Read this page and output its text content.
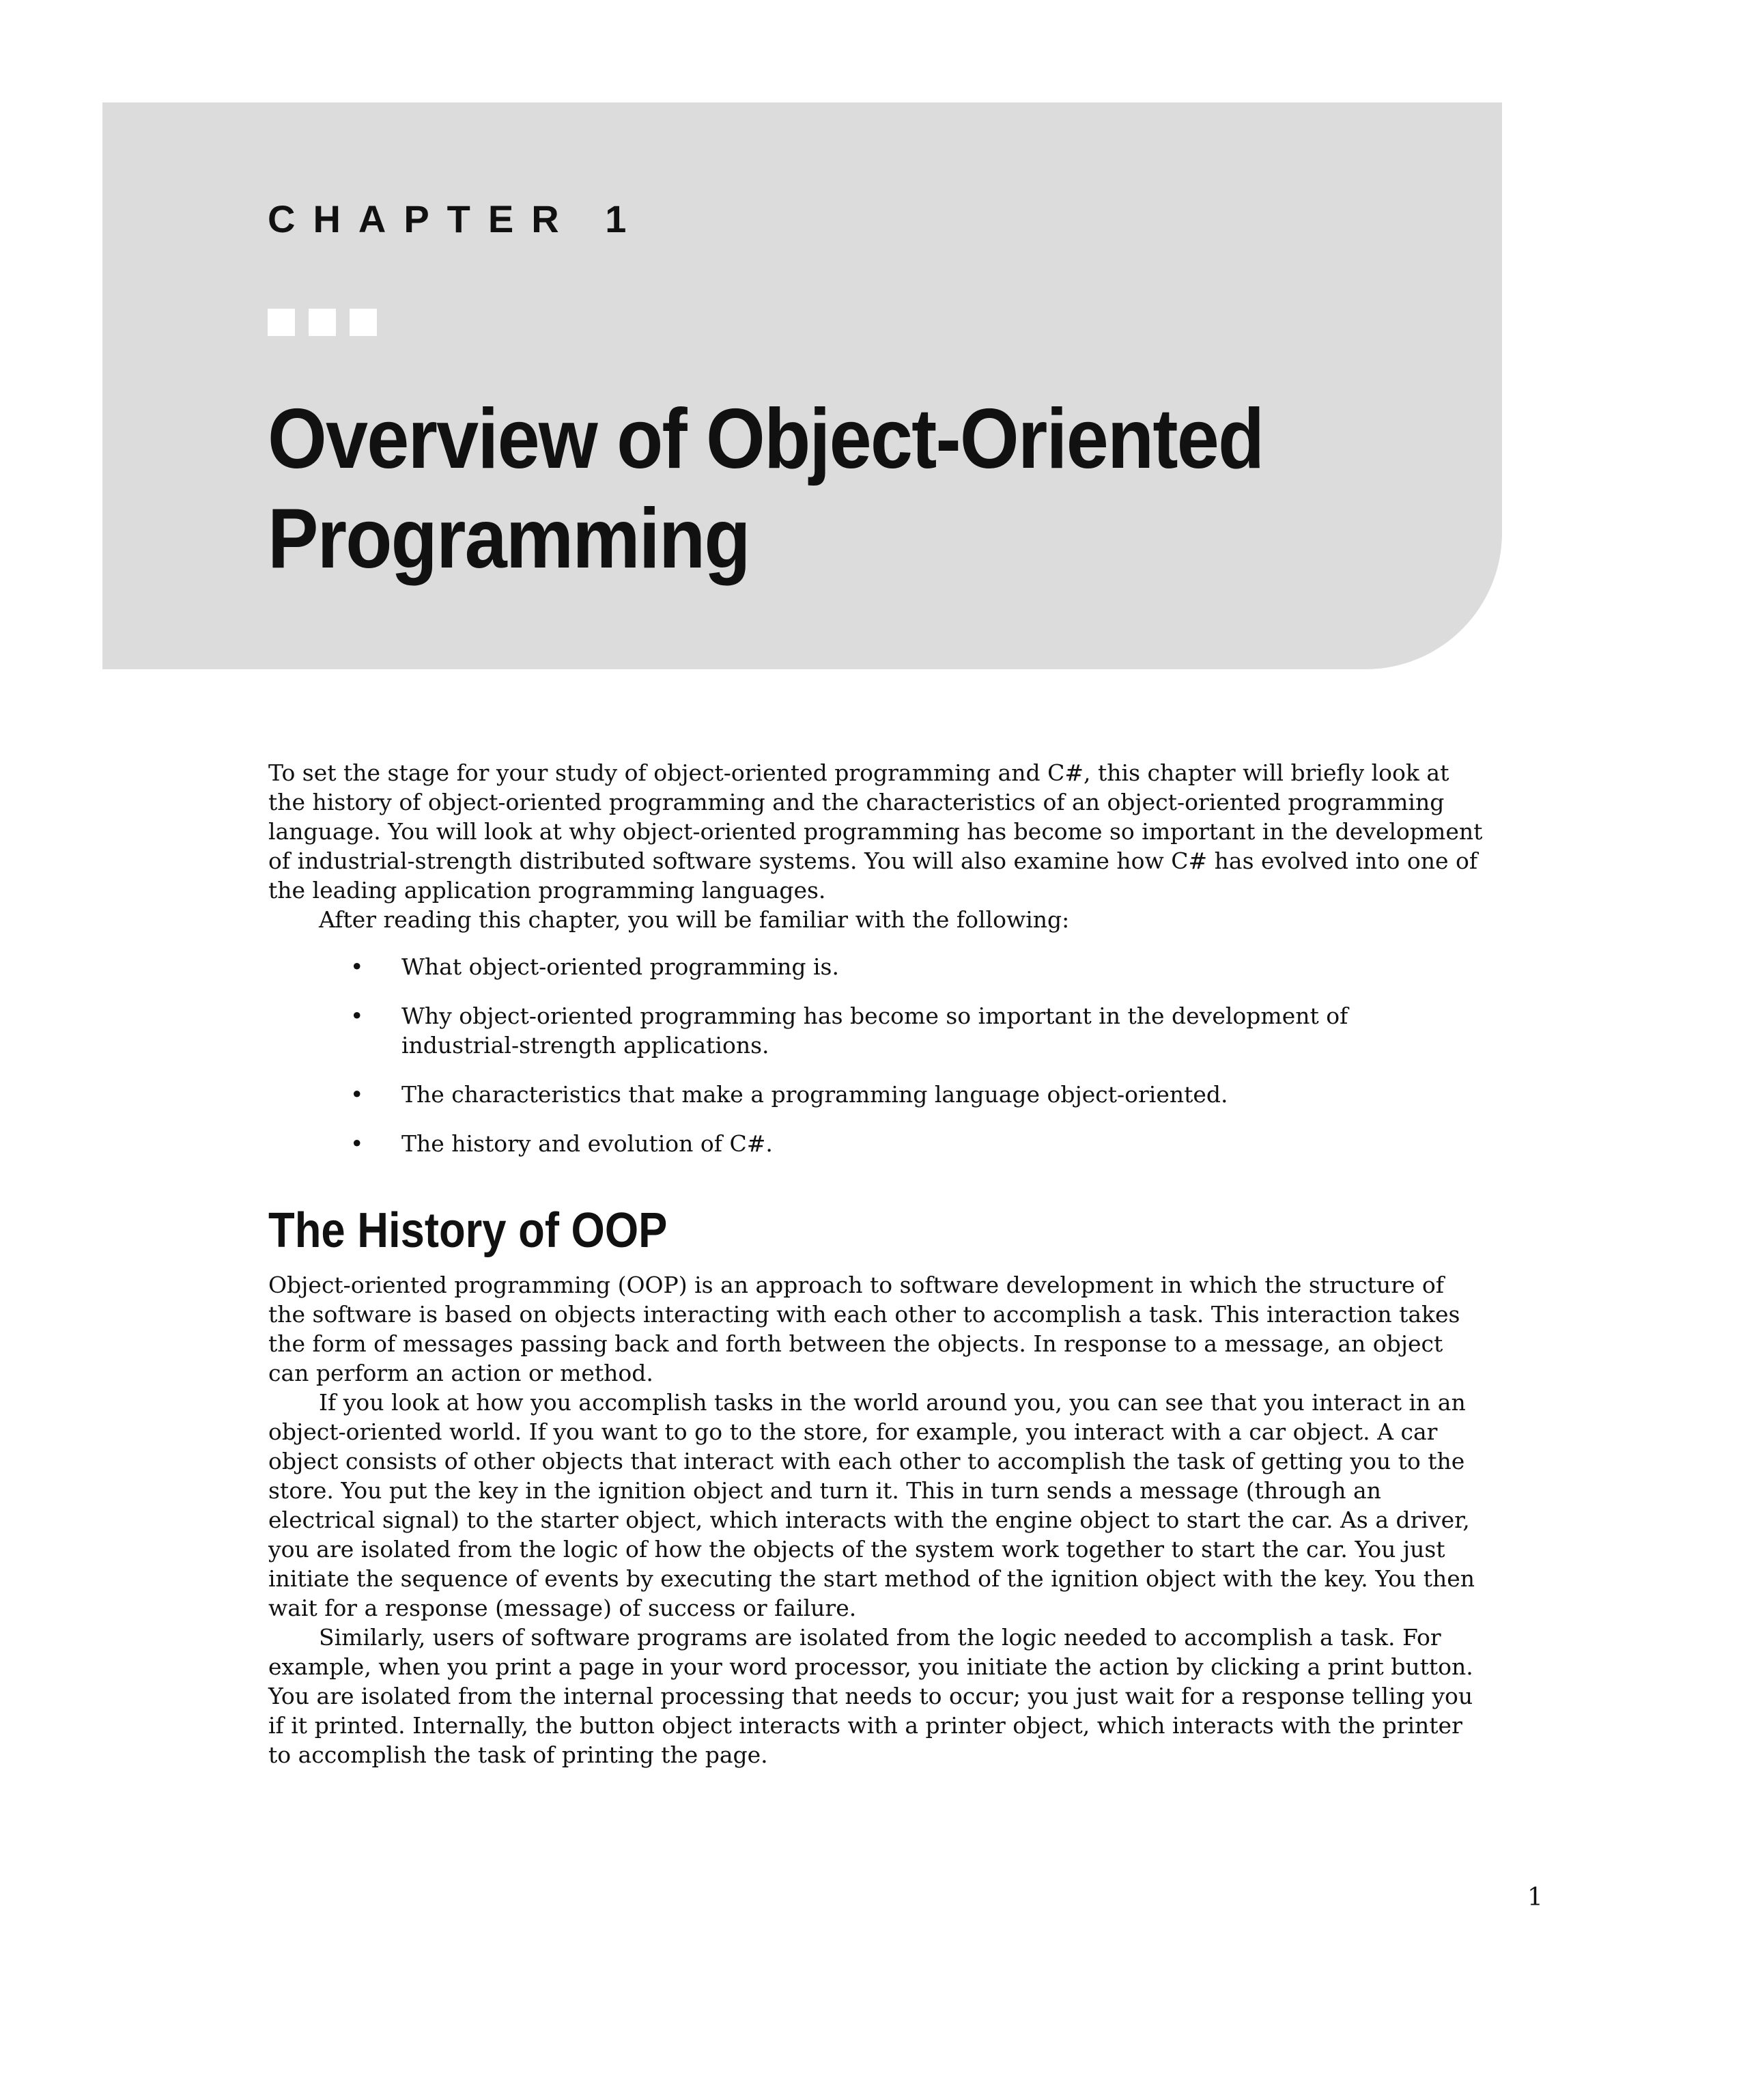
CHAPTER 1

Overview of Object-Oriented Programming

To set the stage for your study of object-oriented programming and C#, this chapter will briefly look at the history of object-oriented programming and the characteristics of an object-oriented programming language. You will look at why object-oriented programming has become so important in the development of industrial-strength distributed software systems. You will also examine how C# has evolved into one of the leading application programming languages.

After reading this chapter, you will be familiar with the following:

• What object-oriented programming is.
• Why object-oriented programming has become so important in the development of industrial-strength applications.
• The characteristics that make a programming language object-oriented.
• The history and evolution of C#.
The History of OOP

Object-oriented programming (OOP) is an approach to software development in which the structure of the software is based on objects interacting with each other to accomplish a task. This interaction takes the form of messages passing back and forth between the objects. In response to a message, an object can perform an action or method.

If you look at how you accomplish tasks in the world around you, you can see that you interact in an object-oriented world. If you want to go to the store, for example, you interact with a car object. A car object consists of other objects that interact with each other to accomplish the task of getting you to the store. You put the key in the ignition object and turn it. This in turn sends a message (through an electrical signal) to the starter object, which interacts with the engine object to start the car. As a driver, you are isolated from the logic of how the objects of the system work together to start the car. You just initiate the sequence of events by executing the start method of the ignition object with the key. You then wait for a response (message) of success or failure.

Similarly, users of software programs are isolated from the logic needed to accomplish a task. For example, when you print a page in your word processor, you initiate the action by clicking a print button. You are isolated from the internal processing that needs to occur; you just wait for a response telling you if it printed. Internally, the button object interacts with a printer object, which interacts with the printer to accomplish the task of printing the page.

1
